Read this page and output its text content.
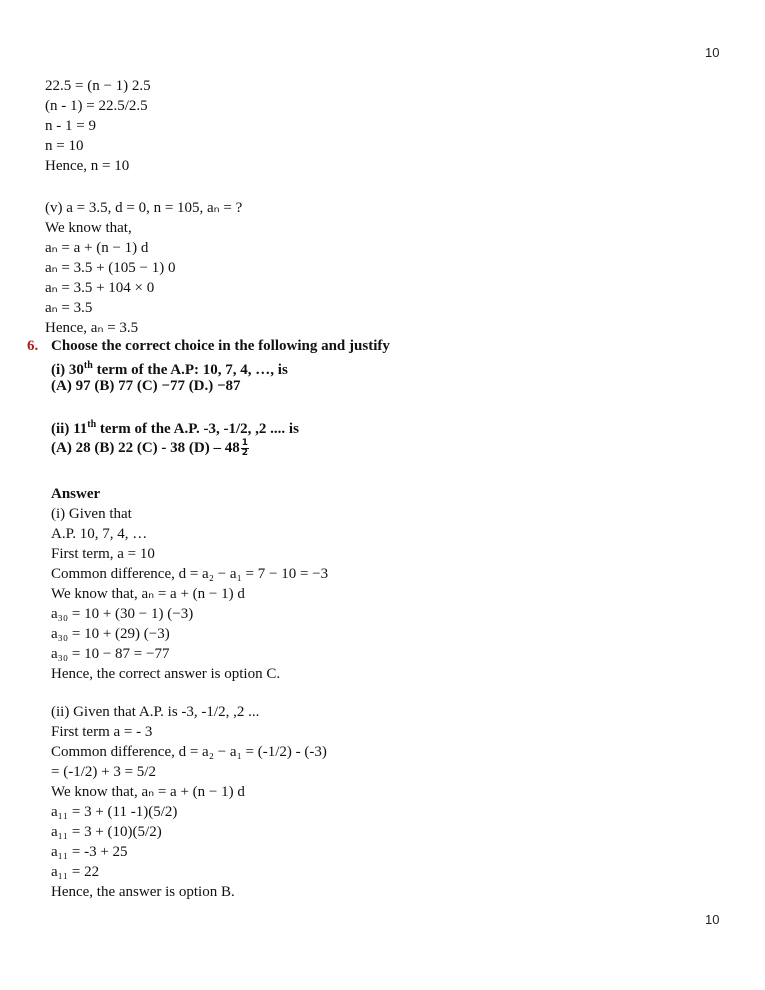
10
22.5 = (n − 1) 2.5
(n - 1) = 22.5/2.5
n - 1 = 9
n = 10
Hence, n = 10
(v) a = 3.5, d = 0, n = 105, aₙ = ?
We know that,
aₙ = a + (n − 1) d
aₙ = 3.5 + (105 − 1) 0
aₙ = 3.5 + 104 × 0
aₙ = 3.5
Hence, aₙ = 3.5
6. Choose the correct choice in the following and justify
(i) 30th term of the A.P: 10, 7, 4, …, is
(A) 97 (B) 77 (C) −77 (D.) −87
(ii) 11th term of the A.P. -3, -1/2, ,2 .... is
(A) 28 (B) 22 (C) - 38 $(D) - 48 \frac{1}{2}$
Answer
(i) Given that
A.P. 10, 7, 4, …
First term, a = 10
Common difference, d = a₂ − a₁ = 7 − 10 = −3
We know that, aₙ = a + (n − 1) d
a₃₀ = 10 + (30 − 1) (−3)
a₃₀ = 10 + (29) (−3)
a₃₀ = 10 − 87 = −77
Hence, the correct answer is option C.
(ii) Given that A.P. is -3, -1/2, ,2 ...
First term a = - 3
Common difference, d = a₂ − a₁ = (-1/2) - (-3)
= (-1/2) + 3 = 5/2
We know that, aₙ = a + (n − 1) d
a₁₁ = 3 + (11 -1)(5/2)
a₁₁ = 3 + (10)(5/2)
a₁₁ = -3 + 25
a₁₁ = 22
Hence, the answer is option B.
10
